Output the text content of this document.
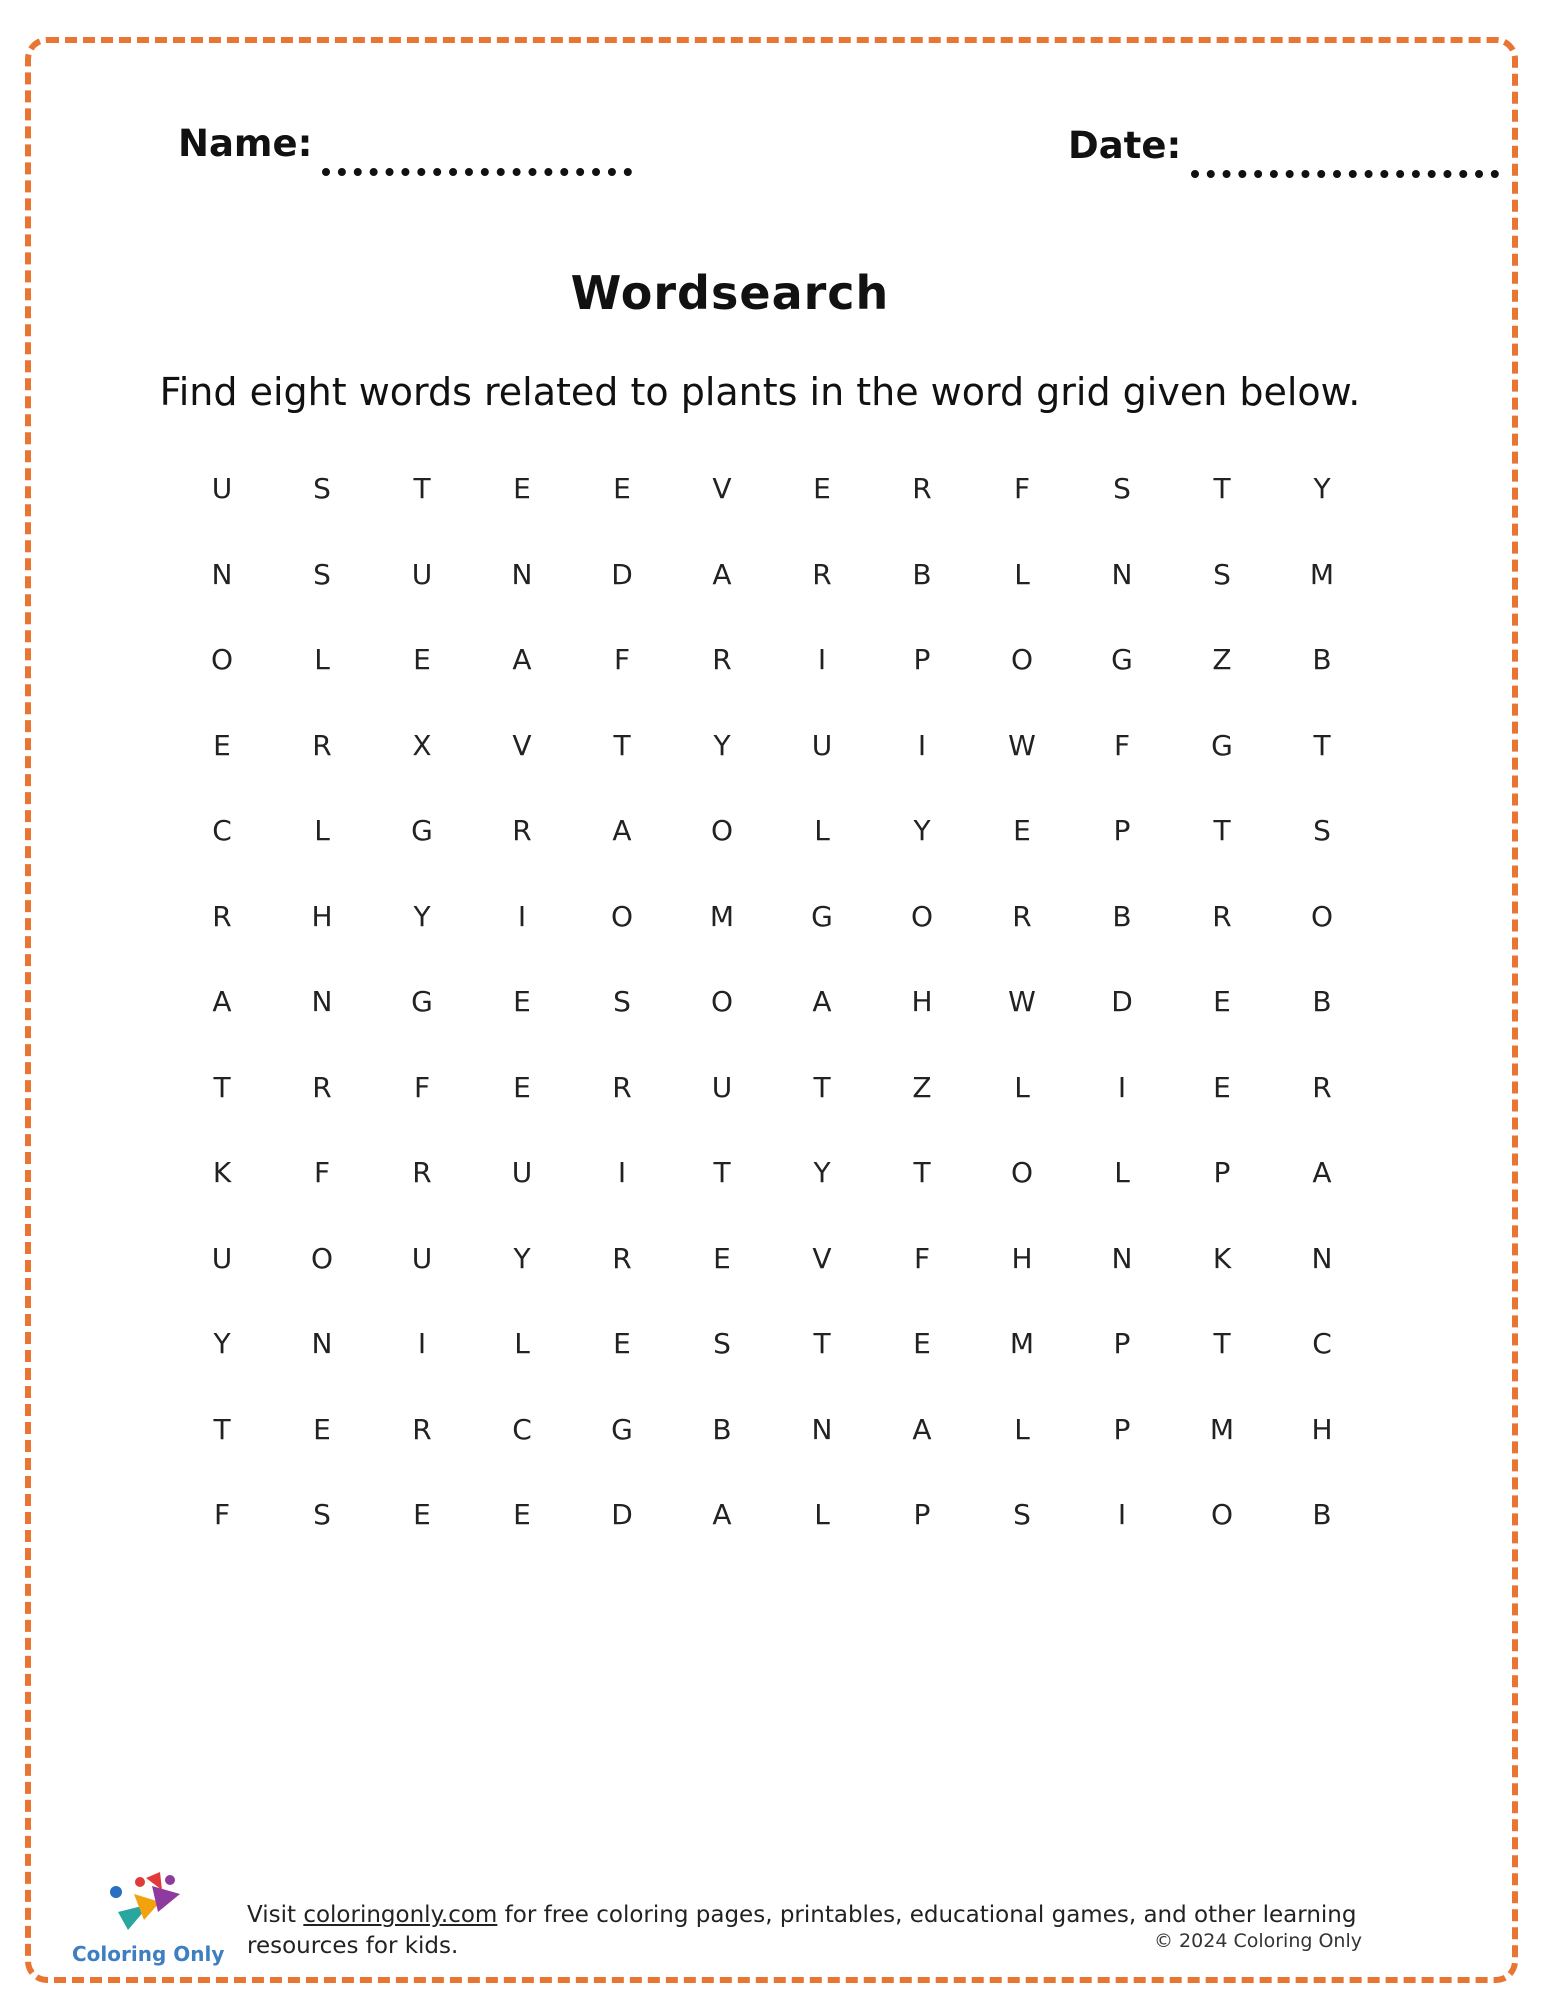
Name:	Date:
Wordsearch
Find eight words related to plants in the word grid given below.
U	S	T	E	E	V	E	R	F	S	T	Y
N	S	U	N	D	A	R	B	L	N	S	M
O	L	E	A	F	R	I	P	O	G	Z	B
E	R	X	V	T	Y	U	I	W	F	G	T
C	L	G	R	A	O	L	Y	E	P	T	S
R	H	Y	I	O	M	G	O	R	B	R	O
A	N	G	E	S	O	A	H	W	D	E	B
T	R	F	E	R	U	T	Z	L	I	E	R
K	F	R	U	I	T	Y	T	O	L	P	A
U	O	U	Y	R	E	V	F	H	N	K	N
Y	N	I	L	E	S	T	E	M	P	T	C
T	E	R	C	G	B	N	A	L	P	M	H
F	S	E	E	D	A	L	P	S	I	O	B
Coloring Only
Visit coloringonly.com for free coloring pages, printables, educational games, and other learning resources for kids.	© 2024 Coloring Only
